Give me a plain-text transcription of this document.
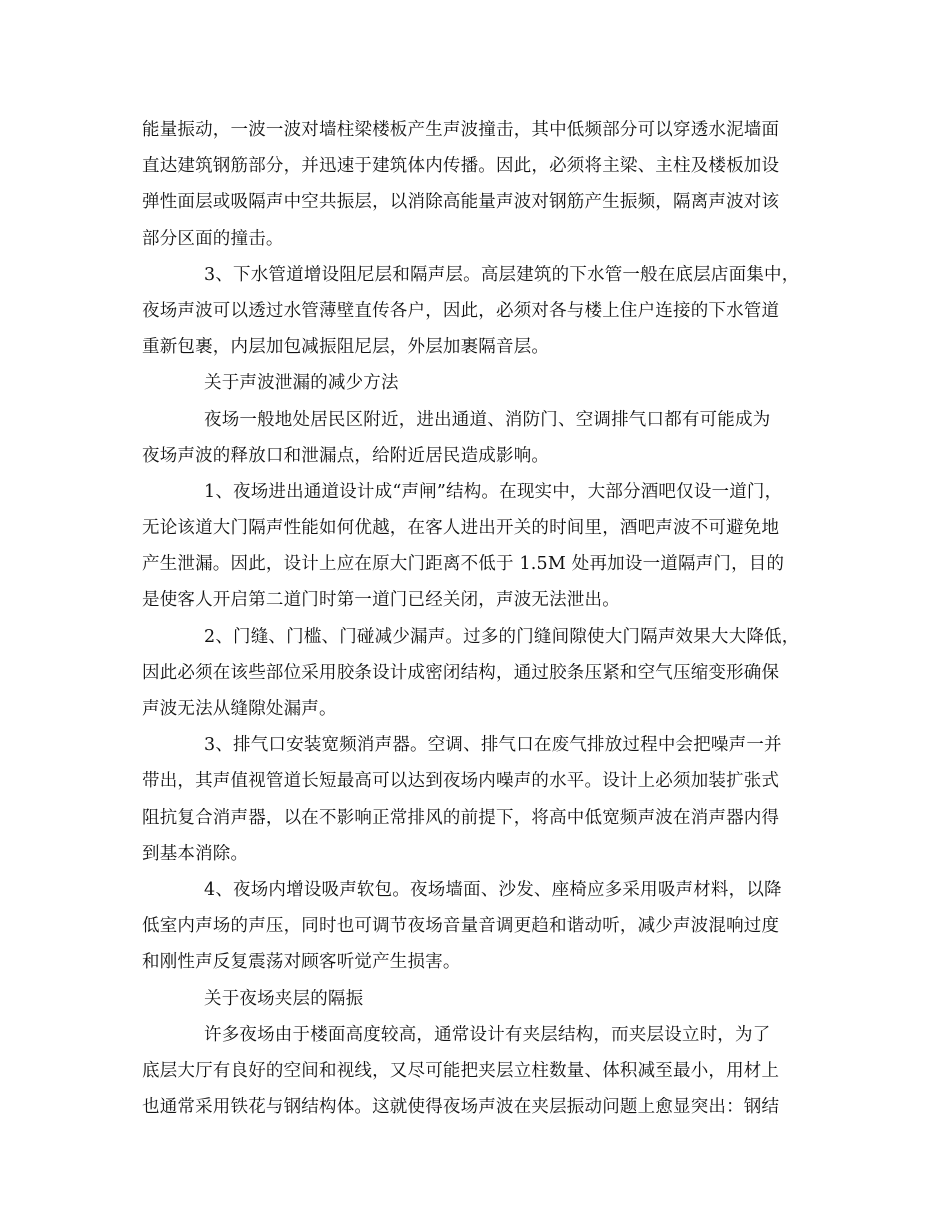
能量振动，一波一波对墙柱梁楼板产生声波撞击，其中低频部分可以穿透水泥墙面
直达建筑钢筋部分，并迅速于建筑体内传播。因此，必须将主梁、主柱及楼板加设
弹性面层或吸隔声中空共振层，以消除高能量声波对钢筋产生振频，隔离声波对该
部分区面的撞击。
3、下水管道增设阻尼层和隔声层。高层建筑的下水管一般在底层店面集中，
夜场声波可以透过水管薄壁直传各户，因此，必须对各与楼上住户连接的下水管道
重新包裹，内层加包减振阻尼层，外层加裹隔音层。
关于声波泄漏的减少方法
夜场一般地处居民区附近，进出通道、消防门、空调排气口都有可能成为
夜场声波的释放口和泄漏点，给附近居民造成影响。
1、夜场进出通道设计成“声闸”结构。在现实中，大部分酒吧仅设一道门，
无论该道大门隔声性能如何优越，在客人进出开关的时间里，酒吧声波不可避免地
产生泄漏。因此，设计上应在原大门距离不低于 1.5M 处再加设一道隔声门，目的
是使客人开启第二道门时第一道门已经关闭，声波无法泄出。
2、门缝、门槛、门碰减少漏声。过多的门缝间隙使大门隔声效果大大降低，
因此必须在该些部位采用胶条设计成密闭结构，通过胶条压紧和空气压缩变形确保
声波无法从缝隙处漏声。
3、排气口安装宽频消声器。空调、排气口在废气排放过程中会把噪声一并
带出，其声值视管道长短最高可以达到夜场内噪声的水平。设计上必须加装扩张式
阻抗复合消声器，以在不影响正常排风的前提下，将高中低宽频声波在消声器内得
到基本消除。
4、夜场内增设吸声软包。夜场墙面、沙发、座椅应多采用吸声材料，以降
低室内声场的声压，同时也可调节夜场音量音调更趋和谐动听，减少声波混响过度
和刚性声反复震荡对顾客听觉产生损害。
关于夜场夹层的隔振
许多夜场由于楼面高度较高，通常设计有夹层结构，而夹层设立时，为了
底层大厅有良好的空间和视线，又尽可能把夹层立柱数量、体积减至最小，用材上
也通常采用铁花与钢结构体。这就使得夜场声波在夹层振动问题上愈显突出：钢结
